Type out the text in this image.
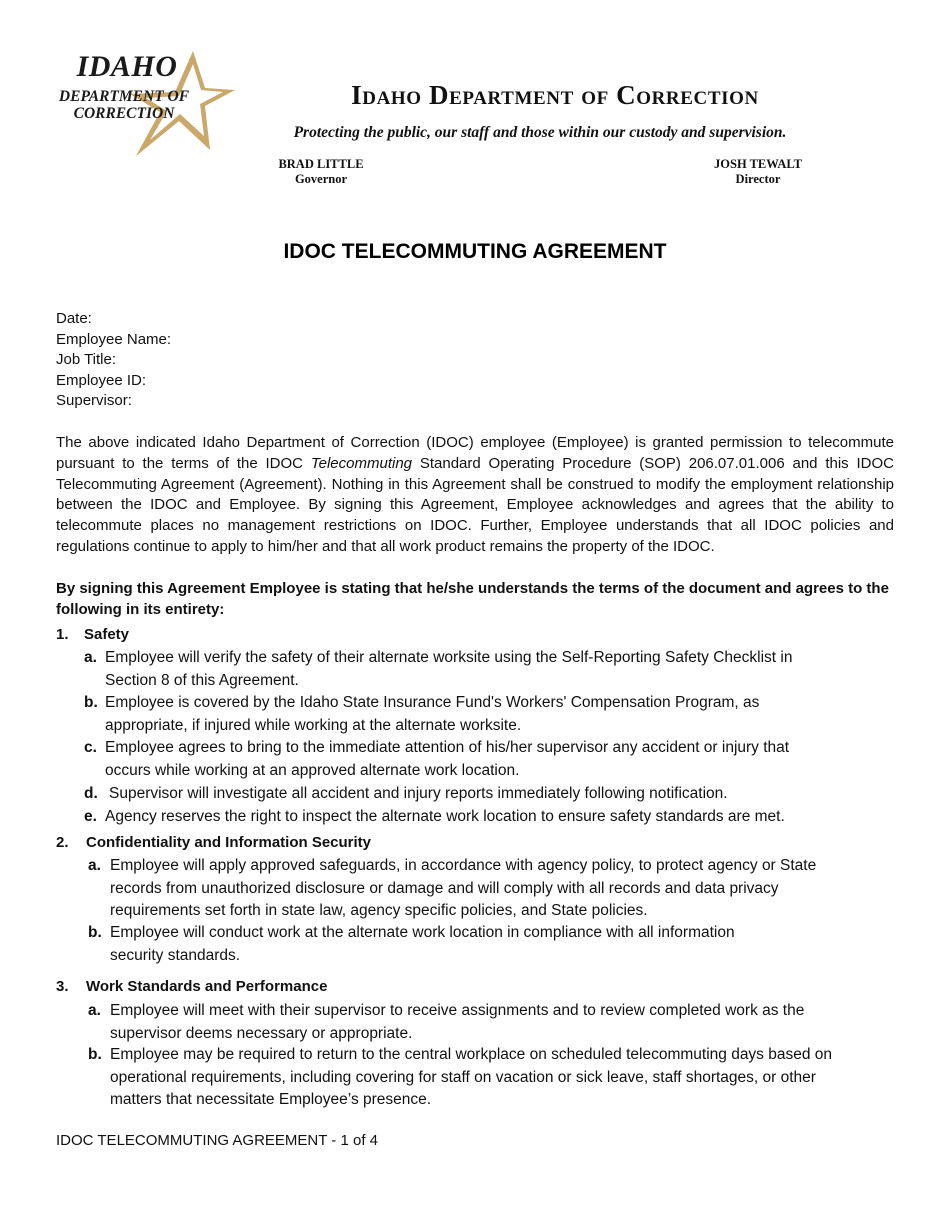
IDAHO
DEPARTMENT OF
CORRECTION
Idaho Department of Correction
Protecting the public, our staff and those within our custody and supervision.
BRAD LITTLE
Governor
JOSH TEWALT
Director
IDOC TELECOMMUTING AGREEMENT
Date:
Employee Name:
Job Title:
Employee ID:
Supervisor:
The above indicated Idaho Department of Correction (IDOC) employee (Employee) is granted permission to telecommute pursuant to the terms of the IDOC Telecommuting Standard Operating Procedure (SOP) 206.07.01.006 and this IDOC Telecommuting Agreement (Agreement). Nothing in this Agreement shall be construed to modify the employment relationship between the IDOC and Employee. By signing this Agreement, Employee acknowledges and agrees that the ability to telecommute places no management restrictions on IDOC. Further, Employee understands that all IDOC policies and regulations continue to apply to him/her and that all work product remains the property of the IDOC.
By signing this Agreement Employee is stating that he/she understands the terms of the document and agrees to the following in its entirety:
1. Safety
a. Employee will verify the safety of their alternate worksite using the Self-Reporting Safety Checklist in
Section 8 of this Agreement.
b. Employee is covered by the Idaho State Insurance Fund's Workers' Compensation Program, as
appropriate, if injured while working at the alternate worksite.
c. Employee agrees to bring to the immediate attention of his/her supervisor any accident or injury that
occurs while working at an approved alternate work location.
d. Supervisor will investigate all accident and injury reports immediately following notification.
e. Agency reserves the right to inspect the alternate work location to ensure safety standards are met.
2. Confidentiality and Information Security
a. Employee will apply approved safeguards, in accordance with agency policy, to protect agency or State
records from unauthorized disclosure or damage and will comply with all records and data privacy
requirements set forth in state law, agency specific policies, and State policies.
b. Employee will conduct work at the alternate work location in compliance with all information
security standards.
3. Work Standards and Performance
a. Employee will meet with their supervisor to receive assignments and to review completed work as the
supervisor deems necessary or appropriate.
b. Employee may be required to return to the central workplace on scheduled telecommuting days based on
operational requirements, including covering for staff on vacation or sick leave, staff shortages, or other
matters that necessitate Employee’s presence.
IDOC TELECOMMUTING AGREEMENT - 1 of 4
